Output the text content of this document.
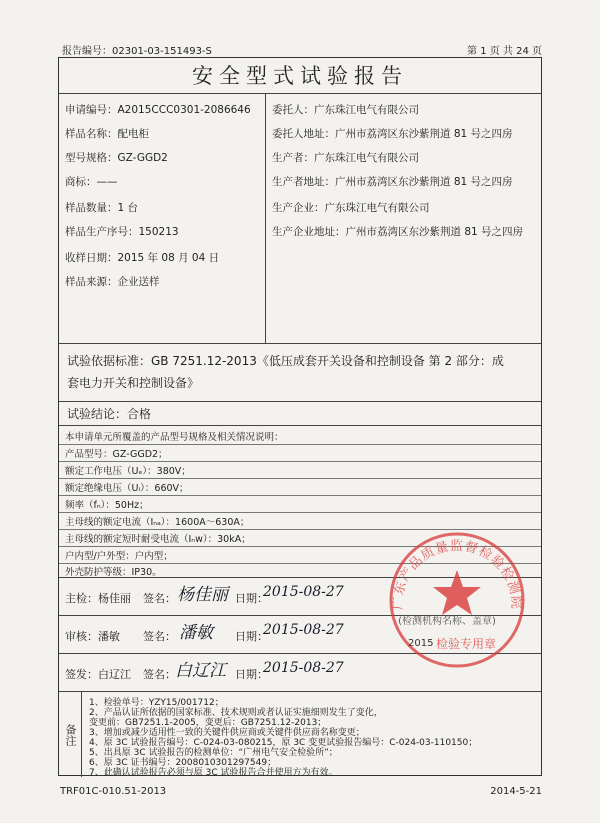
报告编号：02301-03-151493-S	第 1 页 共 24 页
安全型式试验报告
申请编号：A2015CCC0301-2086646
样品名称：配电柜
型号规格：GZ-GGD2
商标：——
样品数量：1 台
样品生产序号：150213
收样日期：2015 年 08 月 04 日
样品来源：企业送样
委托人：广东珠江电气有限公司
委托人地址：广州市荔湾区东沙紫荆道 81 号之四房
生产者：广东珠江电气有限公司
生产者地址：广州市荔湾区东沙紫荆道 81 号之四房
生产企业：广东珠江电气有限公司
生产企业地址：广州市荔湾区东沙紫荆道 81 号之四房
试验依据标准：GB 7251.12-2013《低压成套开关设备和控制设备 第 2 部分：成
套电力开关和控制设备》
试验结论：合格
本申请单元所覆盖的产品型号规格及相关情况说明：
产品型号：GZ-GGD2；
额定工作电压（Uₑ）：380V；
额定绝缘电压（Uᵢ）：660V；
频率（fₙ）：50Hz；
主母线的额定电流（Iₙₐ）：1600A～630A；
主母线的额定短时耐受电流（Iₙw）：30kA；
户内型/户外型：户内型；
外壳防护等级：IP30。
主检：杨佳丽 签名： 杨佳丽 日期：
2015-08-27
审核：潘敏 签名： 潘敏 日期：
2015-08-27
签发：白辽江 签名： 白辽江 日期：
2015-08-27
备注
1、检验单号：YZY15/001712；
2、产品认证所依据的国家标准、技术规则或者认证实施细则发生了变化，
变更前：GB7251.1-2005，变更后：GB7251.12-2013；
3、增加或减少适用性一致的关键件供应商或关键件供应商名称变更；
4、原 3C 试验报告编号：C-024-03-080215，原 3C 变更试验报告编号：C-024-03-110150；
5、出具原 3C 试验报告的检测单位：“广州电气安全检验所”；
6、原 3C 证书编号：2008010301297549；
7、此确认试验报告必须与原 3C 试验报告合并使用方为有效。
广东产品质量监督检验检测院
(检测机构名称、盖章)
2015 检验专用章
TRF01C-010.51-2013	2014-5-21
